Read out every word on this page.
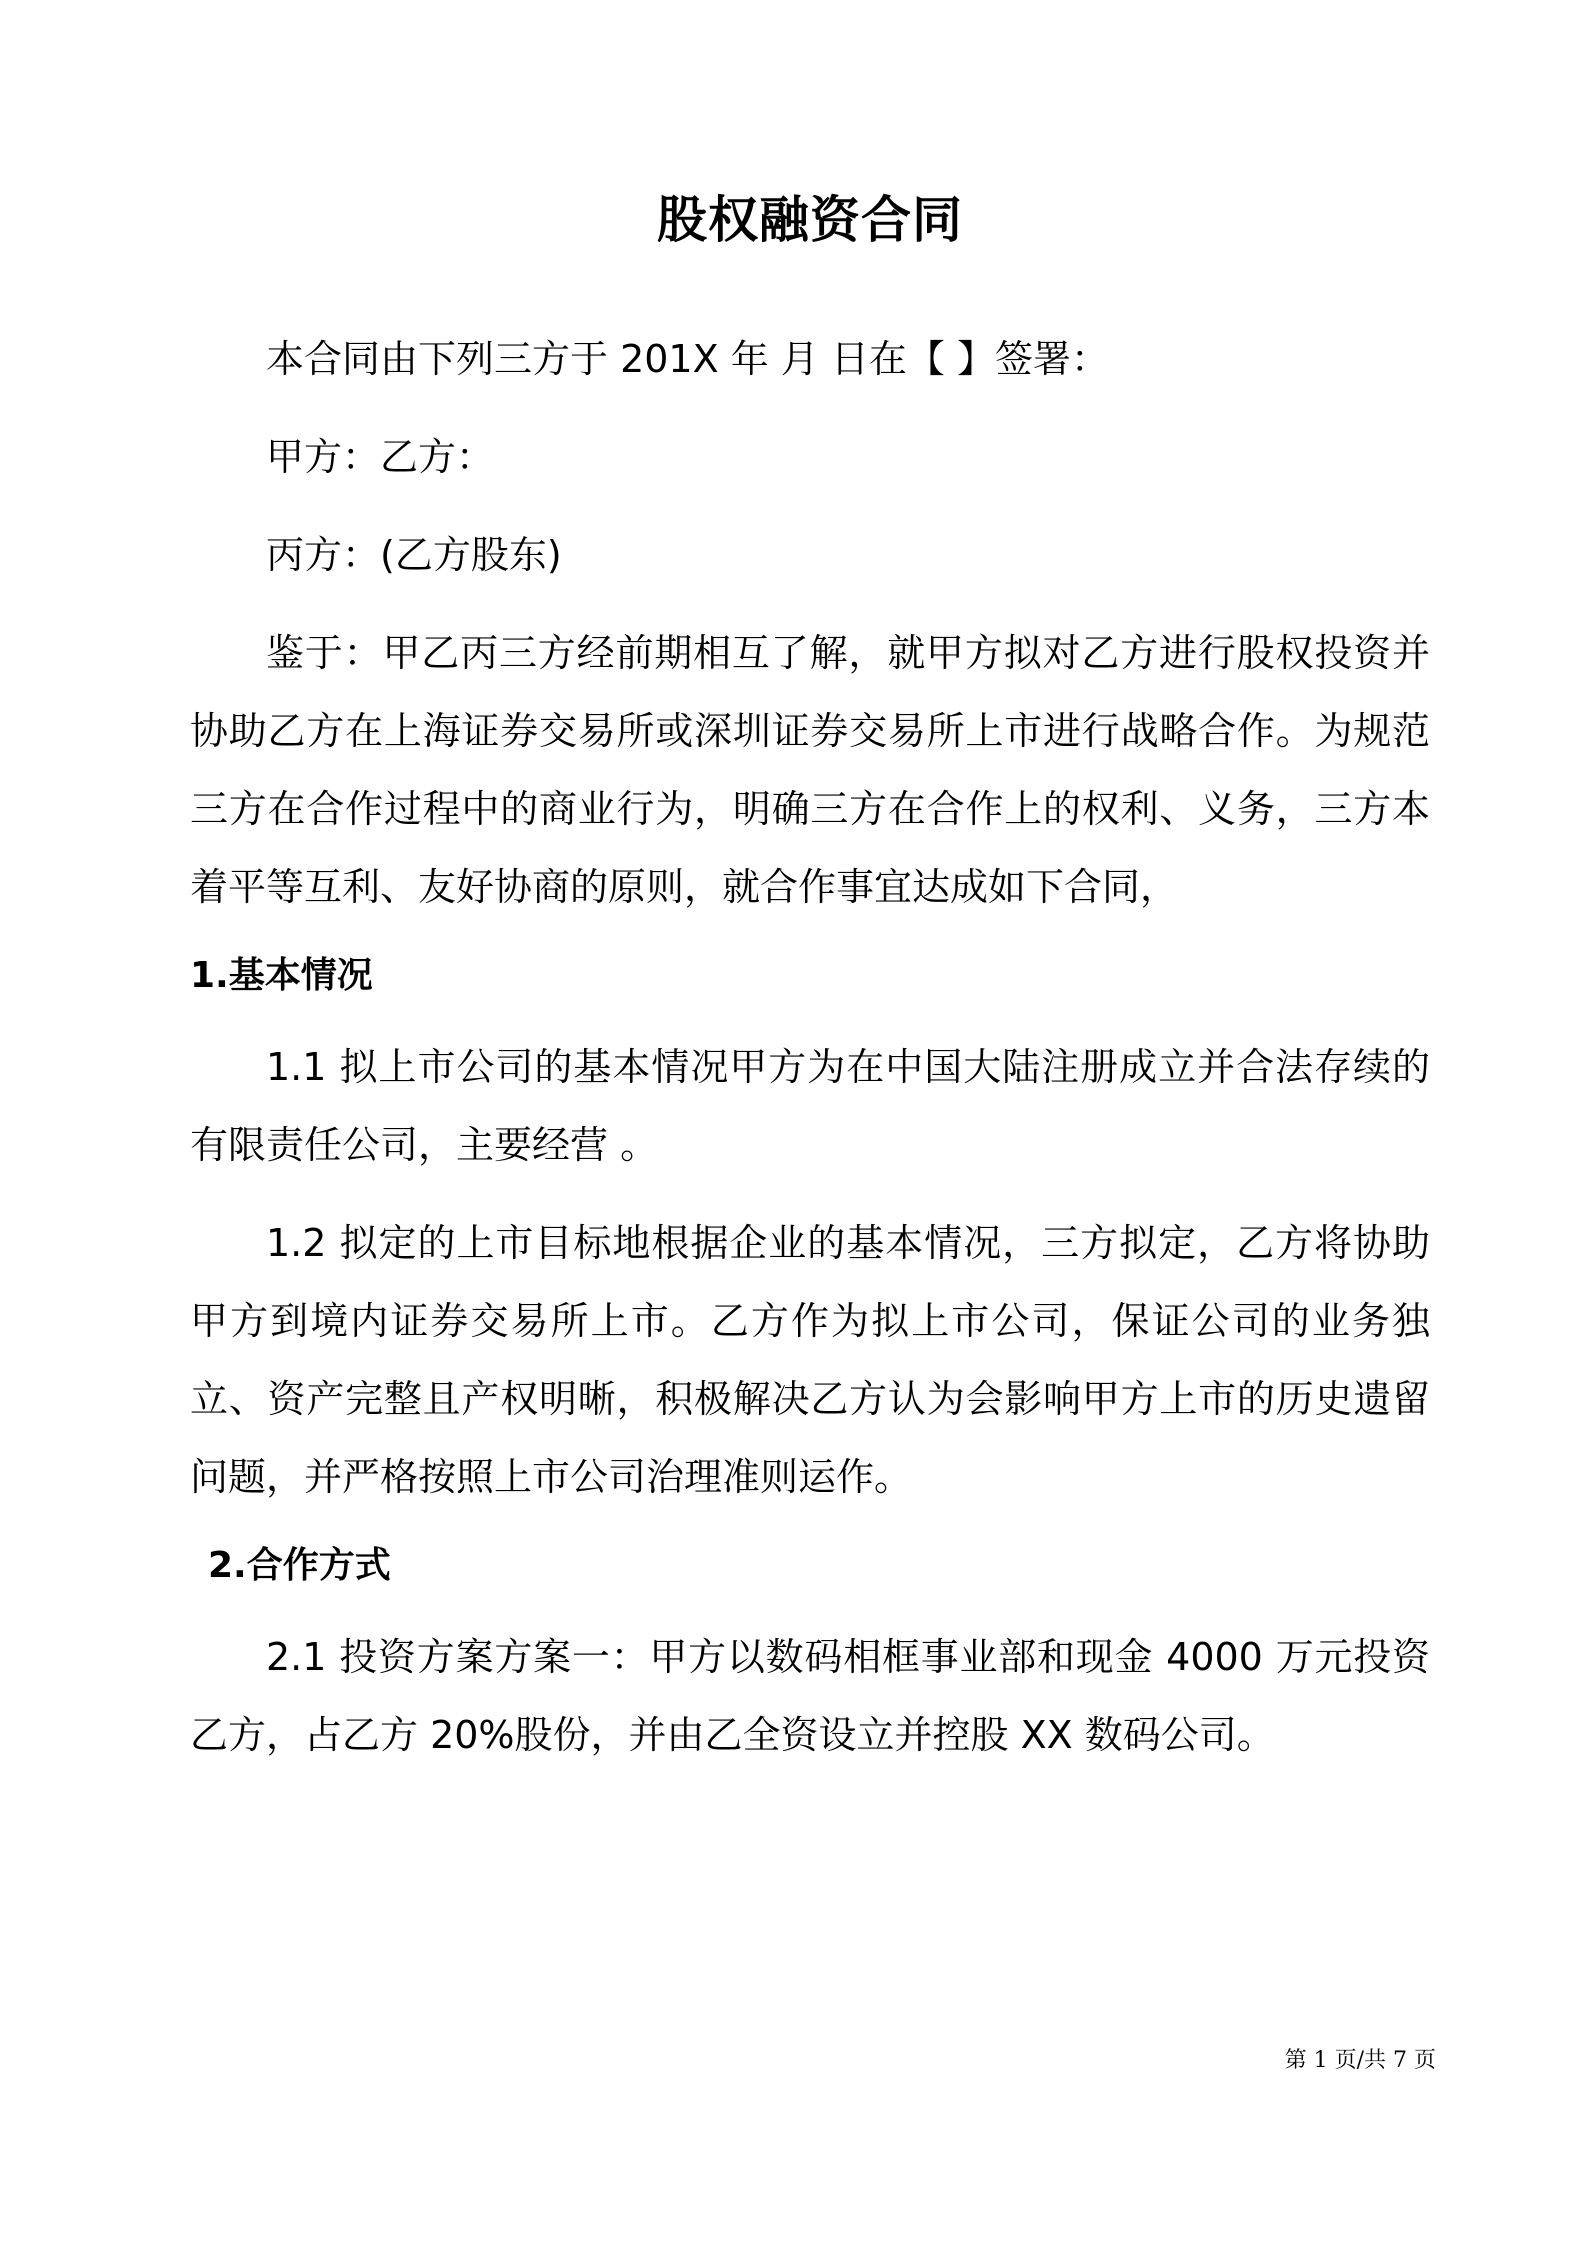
股权融资合同

本合同由下列三方于 201X 年 月 日在【 】签署：

甲方：乙方：

丙方：(乙方股东)

鉴于：甲乙丙三方经前期相互了解，就甲方拟对乙方进行股权投资并协助乙方在上海证券交易所或深圳证券交易所上市进行战略合作。为规范三方在合作过程中的商业行为，明确三方在合作上的权利、义务，三方本着平等互利、友好协商的原则，就合作事宜达成如下合同，

1.基本情况

1.1 拟上市公司的基本情况甲方为在中国大陆注册成立并合法存续的有限责任公司，主要经营 。

1.2 拟定的上市目标地根据企业的基本情况，三方拟定，乙方将协助甲方到境内证券交易所上市。乙方作为拟上市公司，保证公司的业务独立、资产完整且产权明晰，积极解决乙方认为会影响甲方上市的历史遗留问题，并严格按照上市公司治理准则运作。

2.合作方式

2.1 投资方案方案一：甲方以数码相框事业部和现金 4000 万元投资乙方，占乙方 20%股份，并由乙全资设立并控股 XX 数码公司。

第 1 页/共 7 页
